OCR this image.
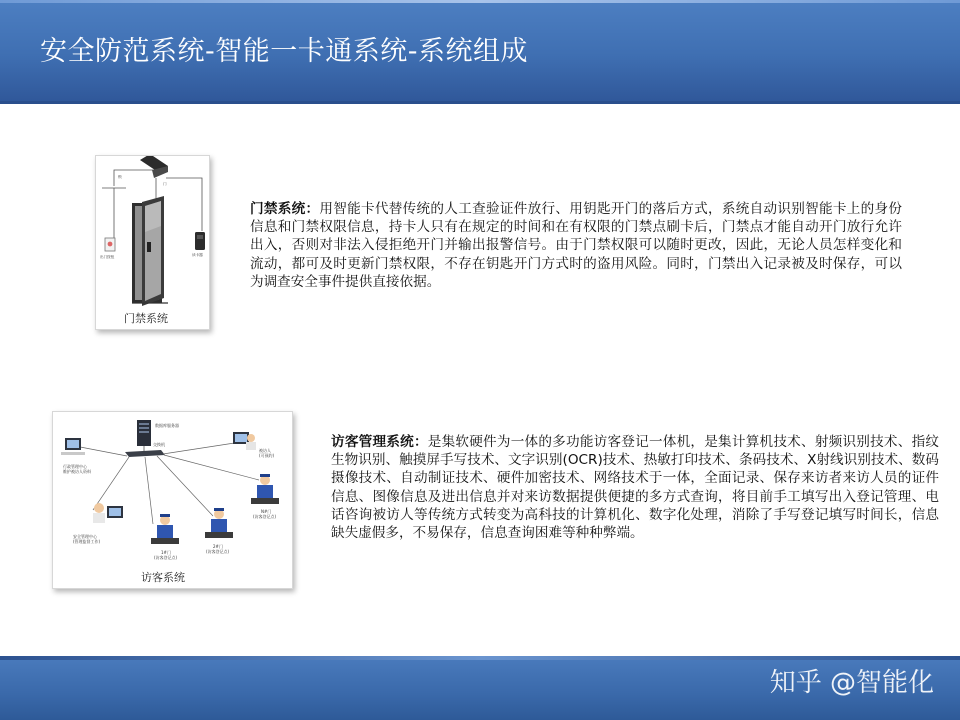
安全防范系统-智能一卡通系统-系统组成
锁
门
出门按钮	读卡器
门禁系统
门禁系统：用智能卡代替传统的人工查验证件放行、用钥匙开门的落后方式，系统自动识别智能卡上的身份信息和门禁权限信息，持卡人只有在规定的时间和在有权限的门禁点刷卡后，门禁点才能自动开门放行允许出入，否则对非法入侵拒绝开门并输出报警信号。由于门禁权限可以随时更改，因此，无论人员怎样变化和流动，都可及时更新门禁权限，不存在钥匙开门方式时的盗用风险。同时，门禁出入记录被及时保存，可以为调查安全事件提供直接依据。
数据库服务器
交换机
行政管理中心
维护被访人资料
被访人
(可预约)
安全管理中心
(管理监督工作)
1#门
(访客登记点)
2#门
(访客登记点)
N#门
(访客登记点)
访客系统
访客管理系统：是集软硬件为一体的多功能访客登记一体机，是集计算机技术、射频识别技术、指纹生物识别、触摸屏手写技术、文字识别(OCR)技术、热敏打印技术、条码技术、X射线识别技术、数码摄像技术、自动制证技术、硬件加密技术、网络技术于一体，全面记录、保存来访者来访人员的证件信息、图像信息及进出信息并对来访数据提供便捷的多方式查询，将目前手工填写出入登记管理、电话咨询被访人等传统方式转变为高科技的计算机化、数字化处理，消除了手写登记填写时间长，信息缺失虚假多，不易保存，信息查询困难等种种弊端。
知乎 @智能化
